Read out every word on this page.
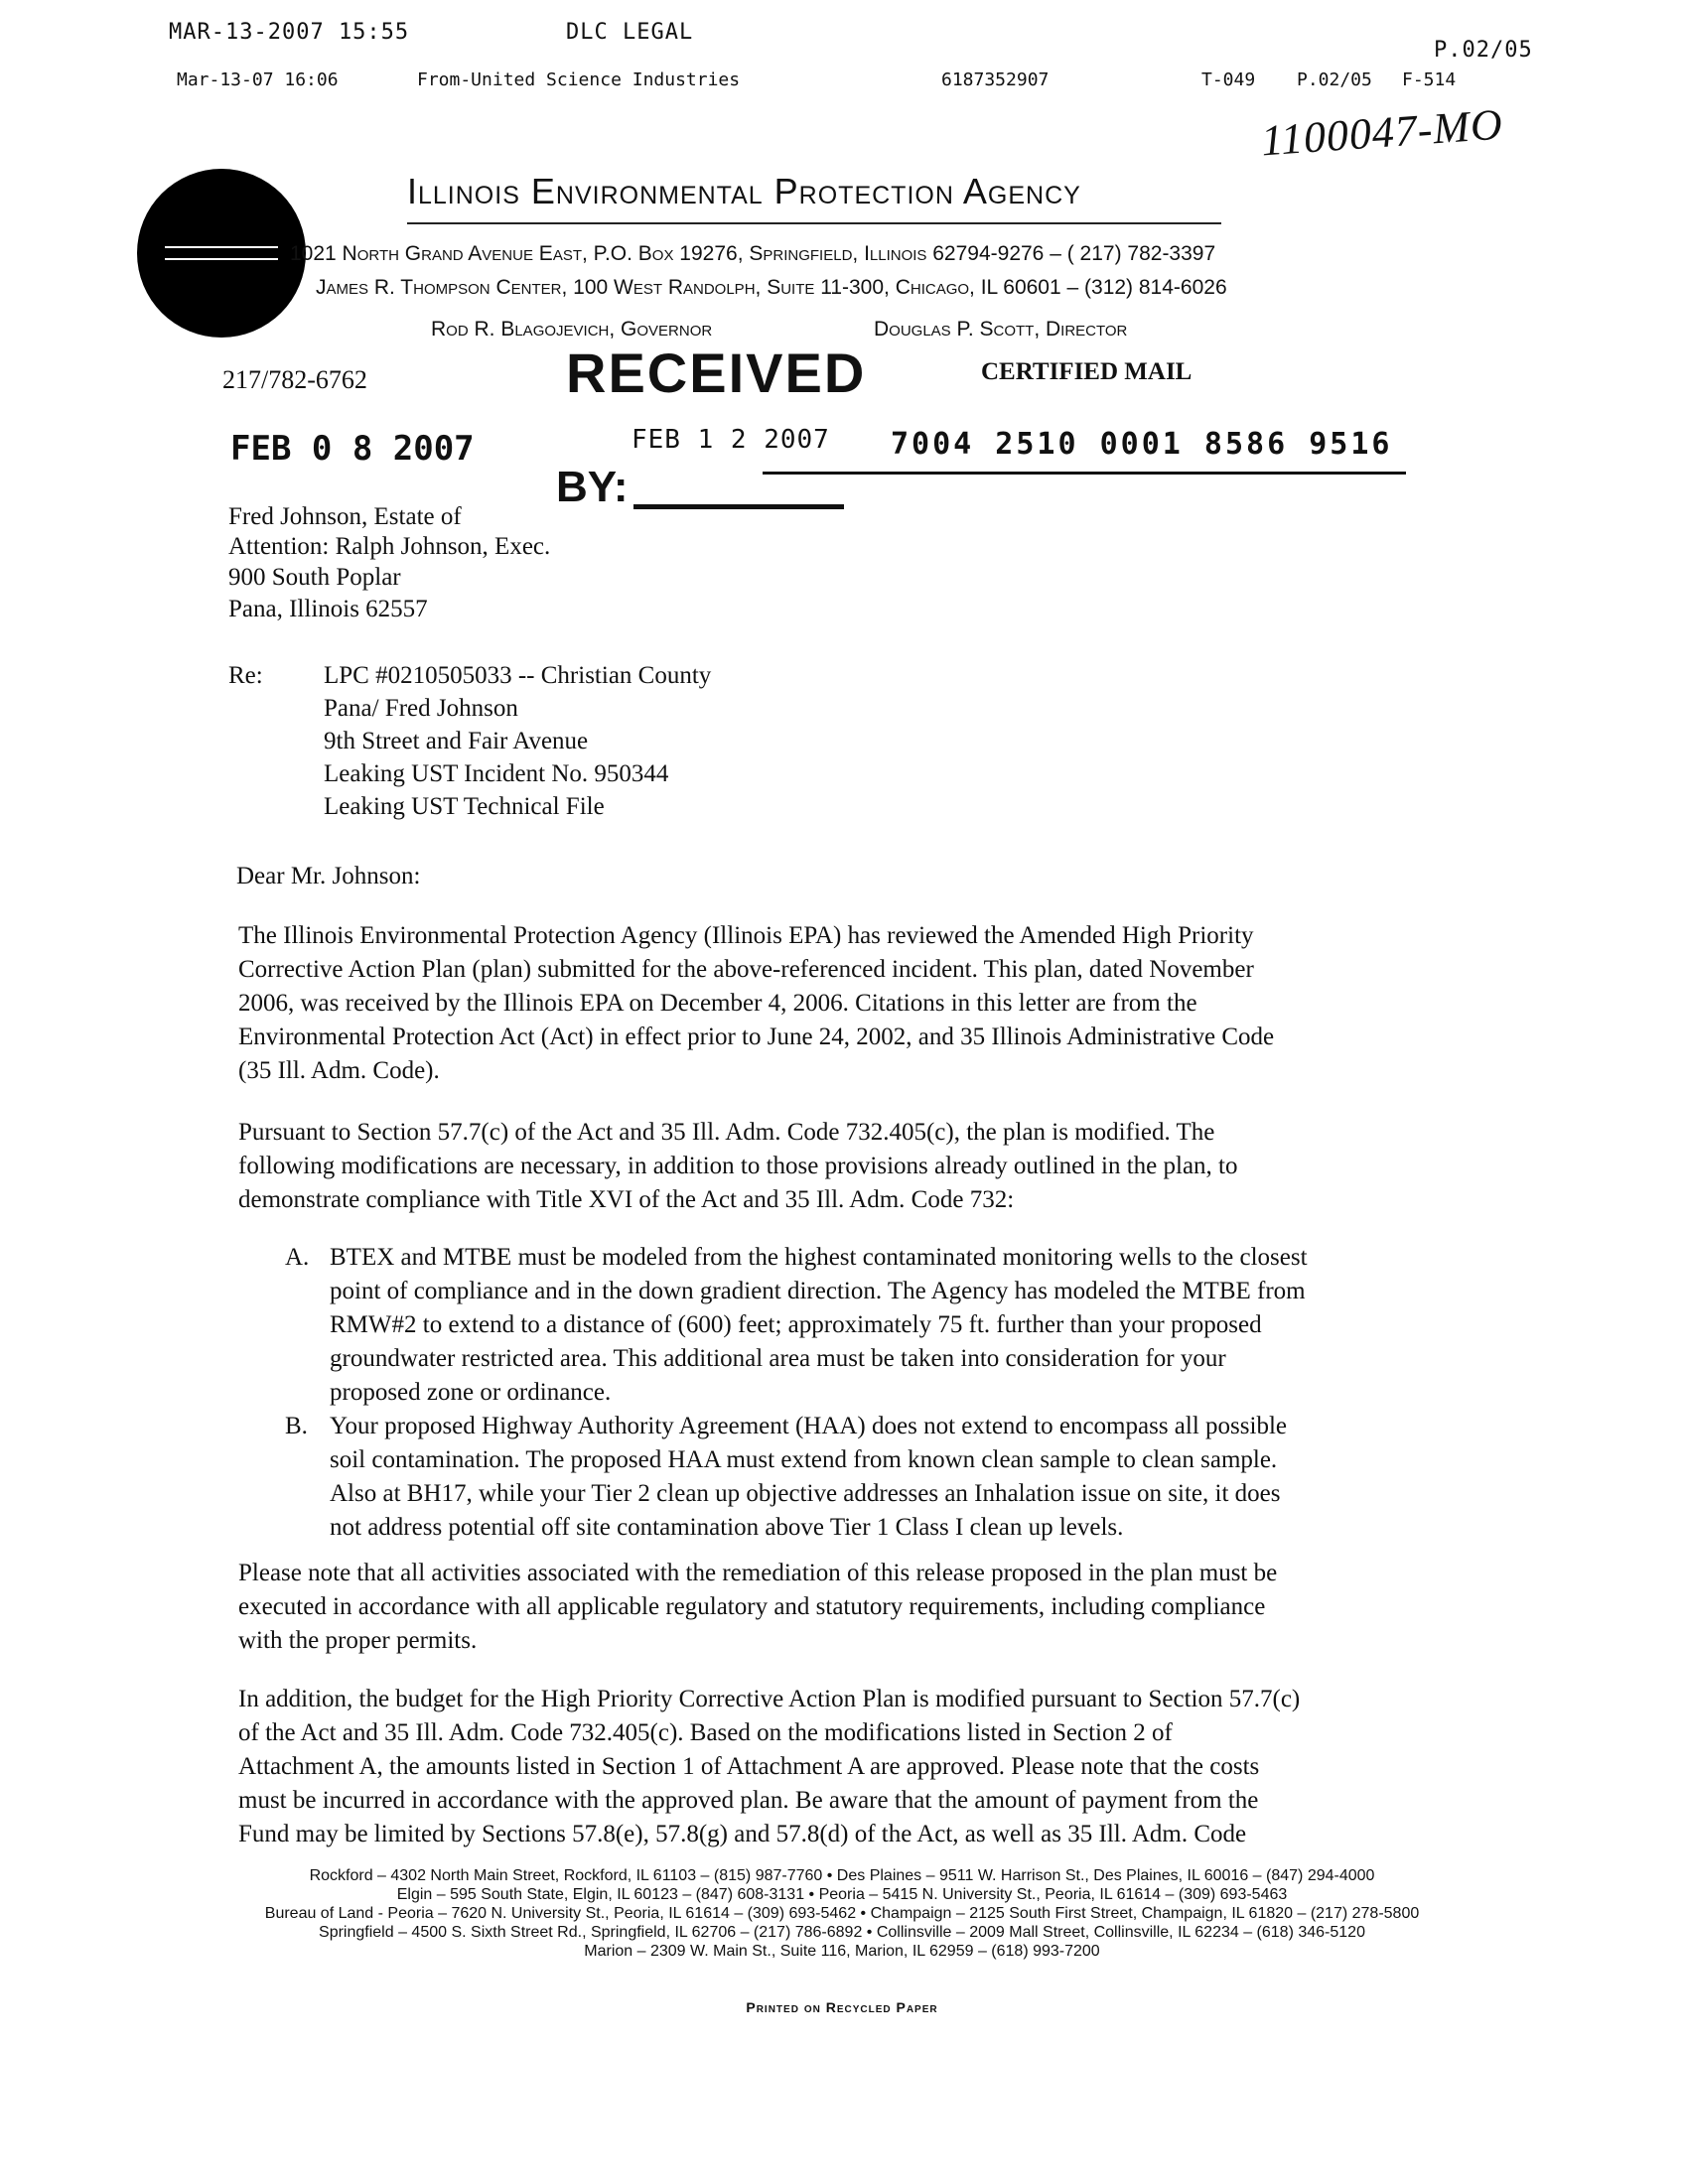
MAR-13-2007 15:55	DLC LEGAL
P.02/05
Mar-13-07 16:06	From-United Science Industries	6187352907	T-049 P.02/05 F-514
1100047-MO
Illinois Environmental Protection Agency
1021 North Grand Avenue East, P.O. Box 19276, Springfield, Illinois 62794-9276 – ( 217) 782-3397
James R. Thompson Center, 100 West Randolph, Suite 11-300, Chicago, IL 60601 – (312) 814-6026
Rod R. Blagojevich, Governor	Douglas P. Scott, Director
217/782-6762	RECEIVED	CERTIFIED MAIL
FEB 0 8 2007	FEB 1 2 2007 7004 2510 0001 8586 9516
BY:
Fred Johnson, Estate of
Attention: Ralph Johnson, Exec.
900 South Poplar
Pana, Illinois 62557
Re: LPC #0210505033 -- Christian County
Pana/ Fred Johnson
9th Street and Fair Avenue
Leaking UST Incident No. 950344
Leaking UST Technical File
Dear Mr. Johnson:
The Illinois Environmental Protection Agency (Illinois EPA) has reviewed the Amended High Priority
Corrective Action Plan (plan) submitted for the above-referenced incident. This plan, dated November
2006, was received by the Illinois EPA on December 4, 2006. Citations in this letter are from the
Environmental Protection Act (Act) in effect prior to June 24, 2002, and 35 Illinois Administrative Code
(35 Ill. Adm. Code).
Pursuant to Section 57.7(c) of the Act and 35 Ill. Adm. Code 732.405(c), the plan is modified. The
following modifications are necessary, in addition to those provisions already outlined in the plan, to
demonstrate compliance with Title XVI of the Act and 35 Ill. Adm. Code 732:
A. BTEX and MTBE must be modeled from the highest contaminated monitoring wells to the closest
point of compliance and in the down gradient direction. The Agency has modeled the MTBE from
RMW#2 to extend to a distance of (600) feet; approximately 75 ft. further than your proposed
groundwater restricted area. This additional area must be taken into consideration for your
proposed zone or ordinance.
B. Your proposed Highway Authority Agreement (HAA) does not extend to encompass all possible
soil contamination. The proposed HAA must extend from known clean sample to clean sample.
Also at BH17, while your Tier 2 clean up objective addresses an Inhalation issue on site, it does
not address potential off site contamination above Tier 1 Class I clean up levels.
Please note that all activities associated with the remediation of this release proposed in the plan must be
executed in accordance with all applicable regulatory and statutory requirements, including compliance
with the proper permits.
In addition, the budget for the High Priority Corrective Action Plan is modified pursuant to Section 57.7(c)
of the Act and 35 Ill. Adm. Code 732.405(c). Based on the modifications listed in Section 2 of
Attachment A, the amounts listed in Section 1 of Attachment A are approved. Please note that the costs
must be incurred in accordance with the approved plan. Be aware that the amount of payment from the
Fund may be limited by Sections 57.8(e), 57.8(g) and 57.8(d) of the Act, as well as 35 Ill. Adm. Code
Rockford – 4302 North Main Street, Rockford, IL 61103 – (815) 987-7760 • Des Plaines – 9511 W. Harrison St., Des Plaines, IL 60016 – (847) 294-4000
Elgin – 595 South State, Elgin, IL 60123 – (847) 608-3131 • Peoria – 5415 N. University St., Peoria, IL 61614 – (309) 693-5463
Bureau of Land - Peoria – 7620 N. University St., Peoria, IL 61614 – (309) 693-5462 • Champaign – 2125 South First Street, Champaign, IL 61820 – (217) 278-5800
Springfield – 4500 S. Sixth Street Rd., Springfield, IL 62706 – (217) 786-6892 • Collinsville – 2009 Mall Street, Collinsville, IL 62234 – (618) 346-5120
Marion – 2309 W. Main St., Suite 116, Marion, IL 62959 – (618) 993-7200
Printed on Recycled Paper
